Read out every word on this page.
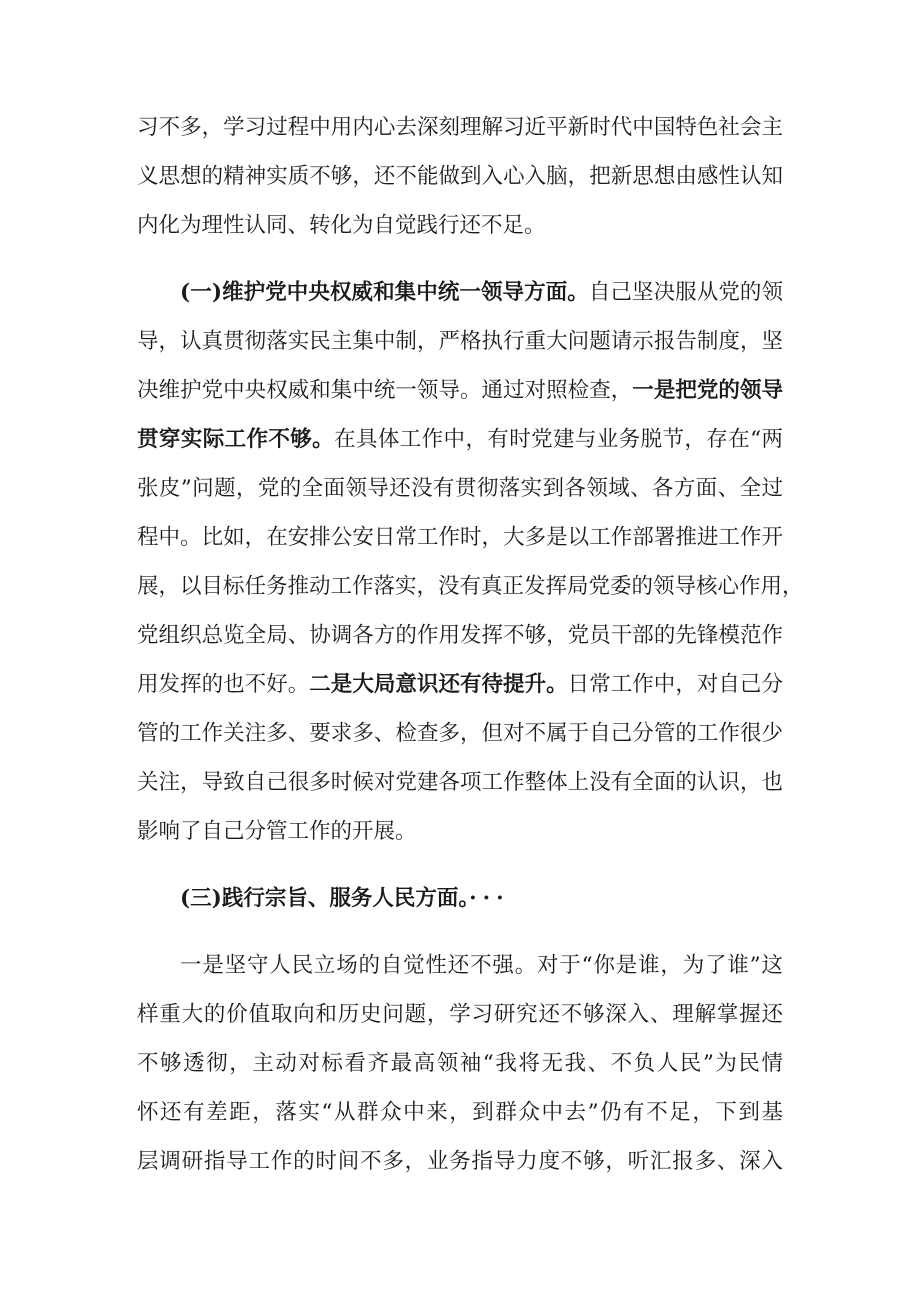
习不多，学习过程中用内心去深刻理解习近平新时代中国特色社会主
义思想的精神实质不够，还不能做到入心入脑，把新思想由感性认知
内化为理性认同、转化为自觉践行还不足。
(一)维护党中央权威和集中统一领导方面。自己坚决服从党的领
导，认真贯彻落实民主集中制，严格执行重大问题请示报告制度，坚
决维护党中央权威和集中统一领导。通过对照检查，一是把党的领导
贯穿实际工作不够。在具体工作中，有时党建与业务脱节，存在“两
张皮”问题，党的全面领导还没有贯彻落实到各领域、各方面、全过
程中。比如，在安排公安日常工作时，大多是以工作部署推进工作开
展，以目标任务推动工作落实，没有真正发挥局党委的领导核心作用，
党组织总览全局、协调各方的作用发挥不够，党员干部的先锋模范作
用发挥的也不好。二是大局意识还有待提升。日常工作中，对自己分
管的工作关注多、要求多、检查多，但对不属于自己分管的工作很少
关注，导致自己很多时候对党建各项工作整体上没有全面的认识，也
影响了自己分管工作的开展。
(三)践行宗旨、服务人民方面。···
一是坚守人民立场的自觉性还不强。对于“你是谁，为了谁”这
样重大的价值取向和历史问题，学习研究还不够深入、理解掌握还
不够透彻，主动对标看齐最高领袖“我将无我、不负人民”为民情
怀还有差距，落实“从群众中来，到群众中去”仍有不足，下到基
层调研指导工作的时间不多，业务指导力度不够，听汇报多、深入
